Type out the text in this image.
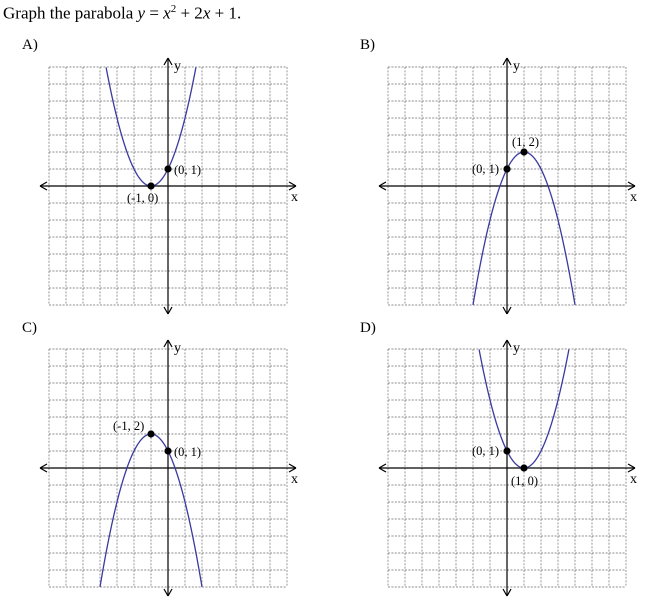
Graph the parabola $y = x^2 + 2x + 1$.
A)	B)
C)	D)
x
y
(-1, 0)
(0, 1)
x
y
(1, 2)
(0, 1)
x
y
(-1, 2)
(0, 1)
x
y
(0, 1)
(1, 0)
